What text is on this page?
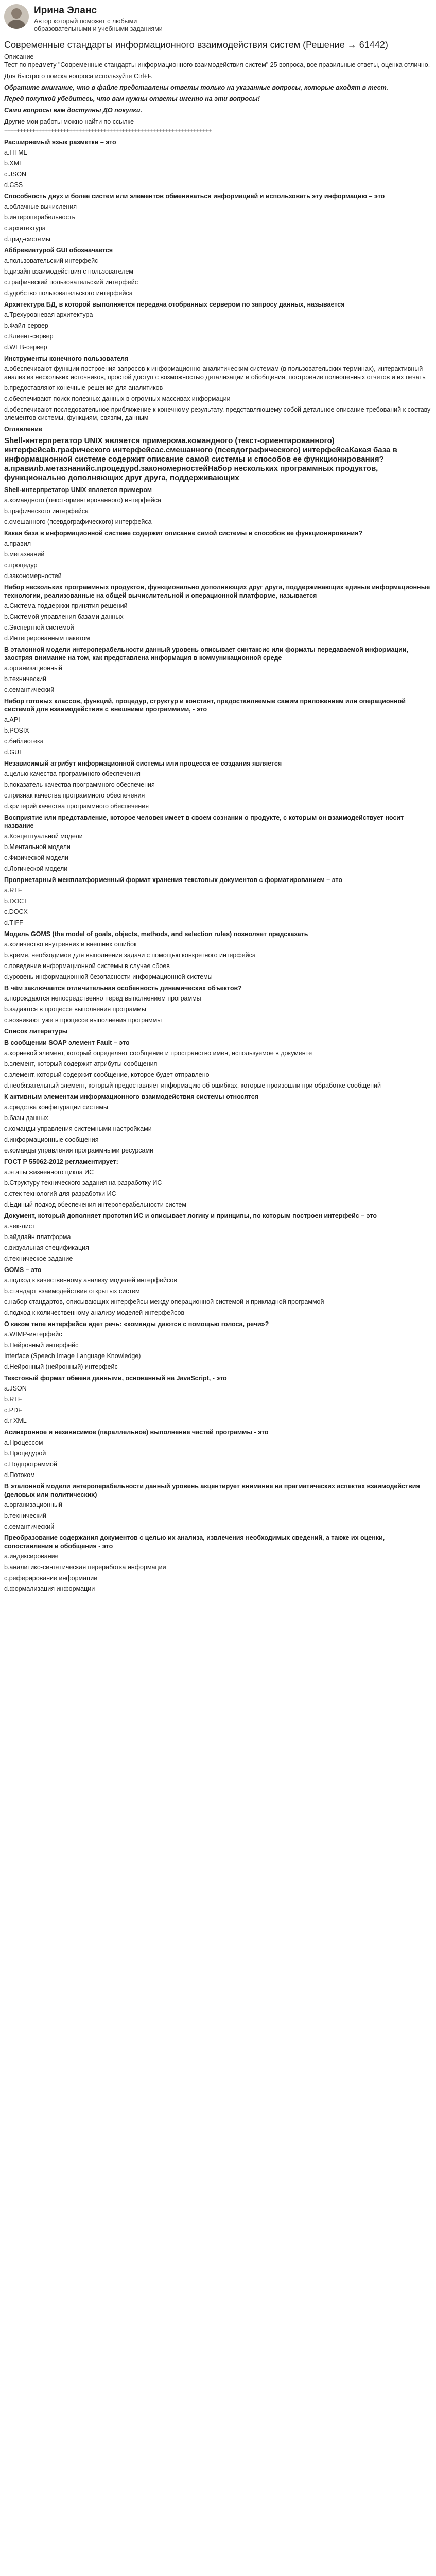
Ирина Эланс
Автор который поможет с любыми образовательными и учебными заданиями
Современные стандарты информационного взаимодействия систем (Решение → 61442)

Описание

Тест по предмету "Современные стандарты информационного взаимодействия систем" 25 вопроса, все правильные ответы, оценка отлично.

Для быстрого поиска вопроса используйте Ctrl+F.

Обратите внимание, что в файле представлены ответы только на указанные вопросы, которые входят в тест.

Перед покупкой убедитесь, что вам нужны ответы именно на эти вопросы!

Сами вопросы вам доступны ДО покупки.

Другие мои работы можно найти по ссылке

+++++++++++++++++++++++++++++++++++++++++++++++++++++++++++++++++++

Расширяемый язык разметки – это
a.HTML
b.XML
c.JSON
d.CSS
Способность двух и более систем или элементов обмениваться информацией и использовать эту информацию – это
a.облачные вычисления
b.интероперабельность
c.архитектура
d.грид-системы
Аббревиатурой GUI обозначается
a.пользовательский интерфейс
b.дизайн взаимодействия с пользователем
c.графический пользовательский интерфейс
d.удобство пользовательского интерфейса
Архитектура БД, в которой выполняется передача отобранных сервером по запросу данных, называется
a.Трехуровневая архитектура
b.Файл-сервер
c.Клиент-сервер
d.WEB-сервер
Инструменты конечного пользователя
a.обеспечивают функции построения запросов к информационно-аналитическим системам (в пользовательских терминах), интерактивный анализ из нескольких источников, простой доступ с возможностью детализации и обобщения, построение полноценных отчетов и их печать
b.предоставляют конечные решения для аналитиков
c.обеспечивают поиск полезных данных в огромных массивах информации
d.обеспечивают последовательное приближение к конечному результату, представляющему собой детальное описание требований к составу элементов системы, функциям, связям, данным
Оглавление
Shell-интерпретатор UNIX является примерома.командного (текст-ориентированного) интерфейсаb.графического интерфейсас.смешанного (псевдографического) интерфейсаКакая база в информационной системе содержит описание самой системы и способов ее функционирования?a.правилb.метазнанийc.процедурd.закономерностейНабор нескольких программных продуктов, функционально дополняющих друг друга, поддерживающих
Shell-интерпретатор UNIX является примером
a.командного (текст-ориентированного) интерфейса
b.графического интерфейса
c.смешанного (псевдографического) интерфейса
Какая база в информационной системе содержит описание самой системы и способов ее функционирования?
a.правил
b.метазнаний
c.процедур
d.закономерностей
Набор нескольких программных продуктов, функционально дополняющих друг друга, поддерживающих единые информационные технологии, реализованные на общей вычислительной и операционной платформе, называется
a.Система поддержки принятия решений
b.Системой управления базами данных
c.Экспертной системой
d.Интегрированным пакетом
В эталонной модели интероперабельности данный уровень описывает синтаксис или форматы передаваемой информации, заостряя внимание на том, как представлена информация в коммуникационной среде
a.организационный
b.технический
c.семантический
Набор готовых классов, функций, процедур, структур и констант, предоставляемые самим приложением или операционной системой для взаимодействия с внешними программами, - это
a.API
b.POSIX
c.библиотека
d.GUI
Независимый атрибут информационной системы или процесса ее создания является
a.целью качества программного обеспечения
b.показатель качества программного обеспечения
c.признак качества программного обеспечения
d.критерий качества программного обеспечения
Восприятие или представление, которое человек имеет в своем сознании о продукте, с которым он взаимодействует носит название
a.Концептуальной модели
b.Ментальной модели
c.Физической модели
d.Логической модели
Проприетарный межплатформенный формат хранения текстовых документов с форматированием – это
a.RTF
b.DOCT
c.DOCX
d.TIFF
Модель GOMS (the model of goals, objects, methods, and selection rules) позволяет предсказать
a.количество внутренних и внешних ошибок
b.время, необходимое для выполнения задачи с помощью конкретного интерфейса
c.поведение информационной системы в случае сбоев
d.уровень информационной безопасности информационной системы
В чём заключается отличительная особенность динамических объектов?
a.порождаются непосредственно перед выполнением программы
b.задаются в процессе выполнения программы
c.возникают уже в процессе выполнения программы
Список литературы
В сообщении SOAP элемент Fault – это
a.корневой элемент, который определяет сообщение и пространство имен, используемое в документе
b.элемент, который содержит атрибуты сообщения
c.элемент, который содержит сообщение, которое будет отправлено
d.необязательный элемент, который предоставляет информацию об ошибках, которые произошли при обработке сообщений
К активным элементам информационного взаимодействия системы относятся
a.средства конфигурации системы
b.базы данных
c.команды управления системными настройками
d.информационные сообщения
e.команды управления программными ресурсами
ГОСТ Р 55062-2012 регламентирует:
a.этапы жизненного цикла ИС
b.Структуру технического задания на разработку ИС
c.стек технологий для разработки ИС
d.Единый подход обеспечения интероперабельности систем
Документ, который дополняет прототип ИС и описывает логику и принципы, по которым построен интерфейс – это
a.чек-лист
b.айдлайн платформа
c.визуальная спецификация
d.техническое задание
GOMS – это
a.подход к качественному анализу моделей интерфейсов
b.стандарт взаимодействия открытых систем
c.набор стандартов, описывающих интерфейсы между операционной системой и прикладной программой
d.подход к количественному анализу моделей интерфейсов
О каком типе интерфейса идет речь: «команды даются с помощью голоса, речи»?
a.WIMP-интерфейс
b.Нейронный интерфейс
Interface (Speech Image Language Knowledge)
d.Нейронный (нейронный) интерфейс
Текстовый формат обмена данными, основанный на JavaScript, - это
a.JSON
b.RTF
c.PDF
d.r XML
Асинхронное и независимое (параллельное) выполнение частей программы - это
a.Процессом
b.Процедурой
c.Подпрограммой
d.Потоком
В эталонной модели интероперабельности данный уровень акцентирует внимание на прагматических аспектах взаимодействия (деловых или политических)
a.организационный
b.технический
c.семантический
Преобразование содержания документов с целью их анализа, извлечения необходимых сведений, а также их оценки, сопоставления и обобщения - это
a.индексирование
b.аналитико-синтетическая переработка информации
c.реферирование информации
d.формализация информации
